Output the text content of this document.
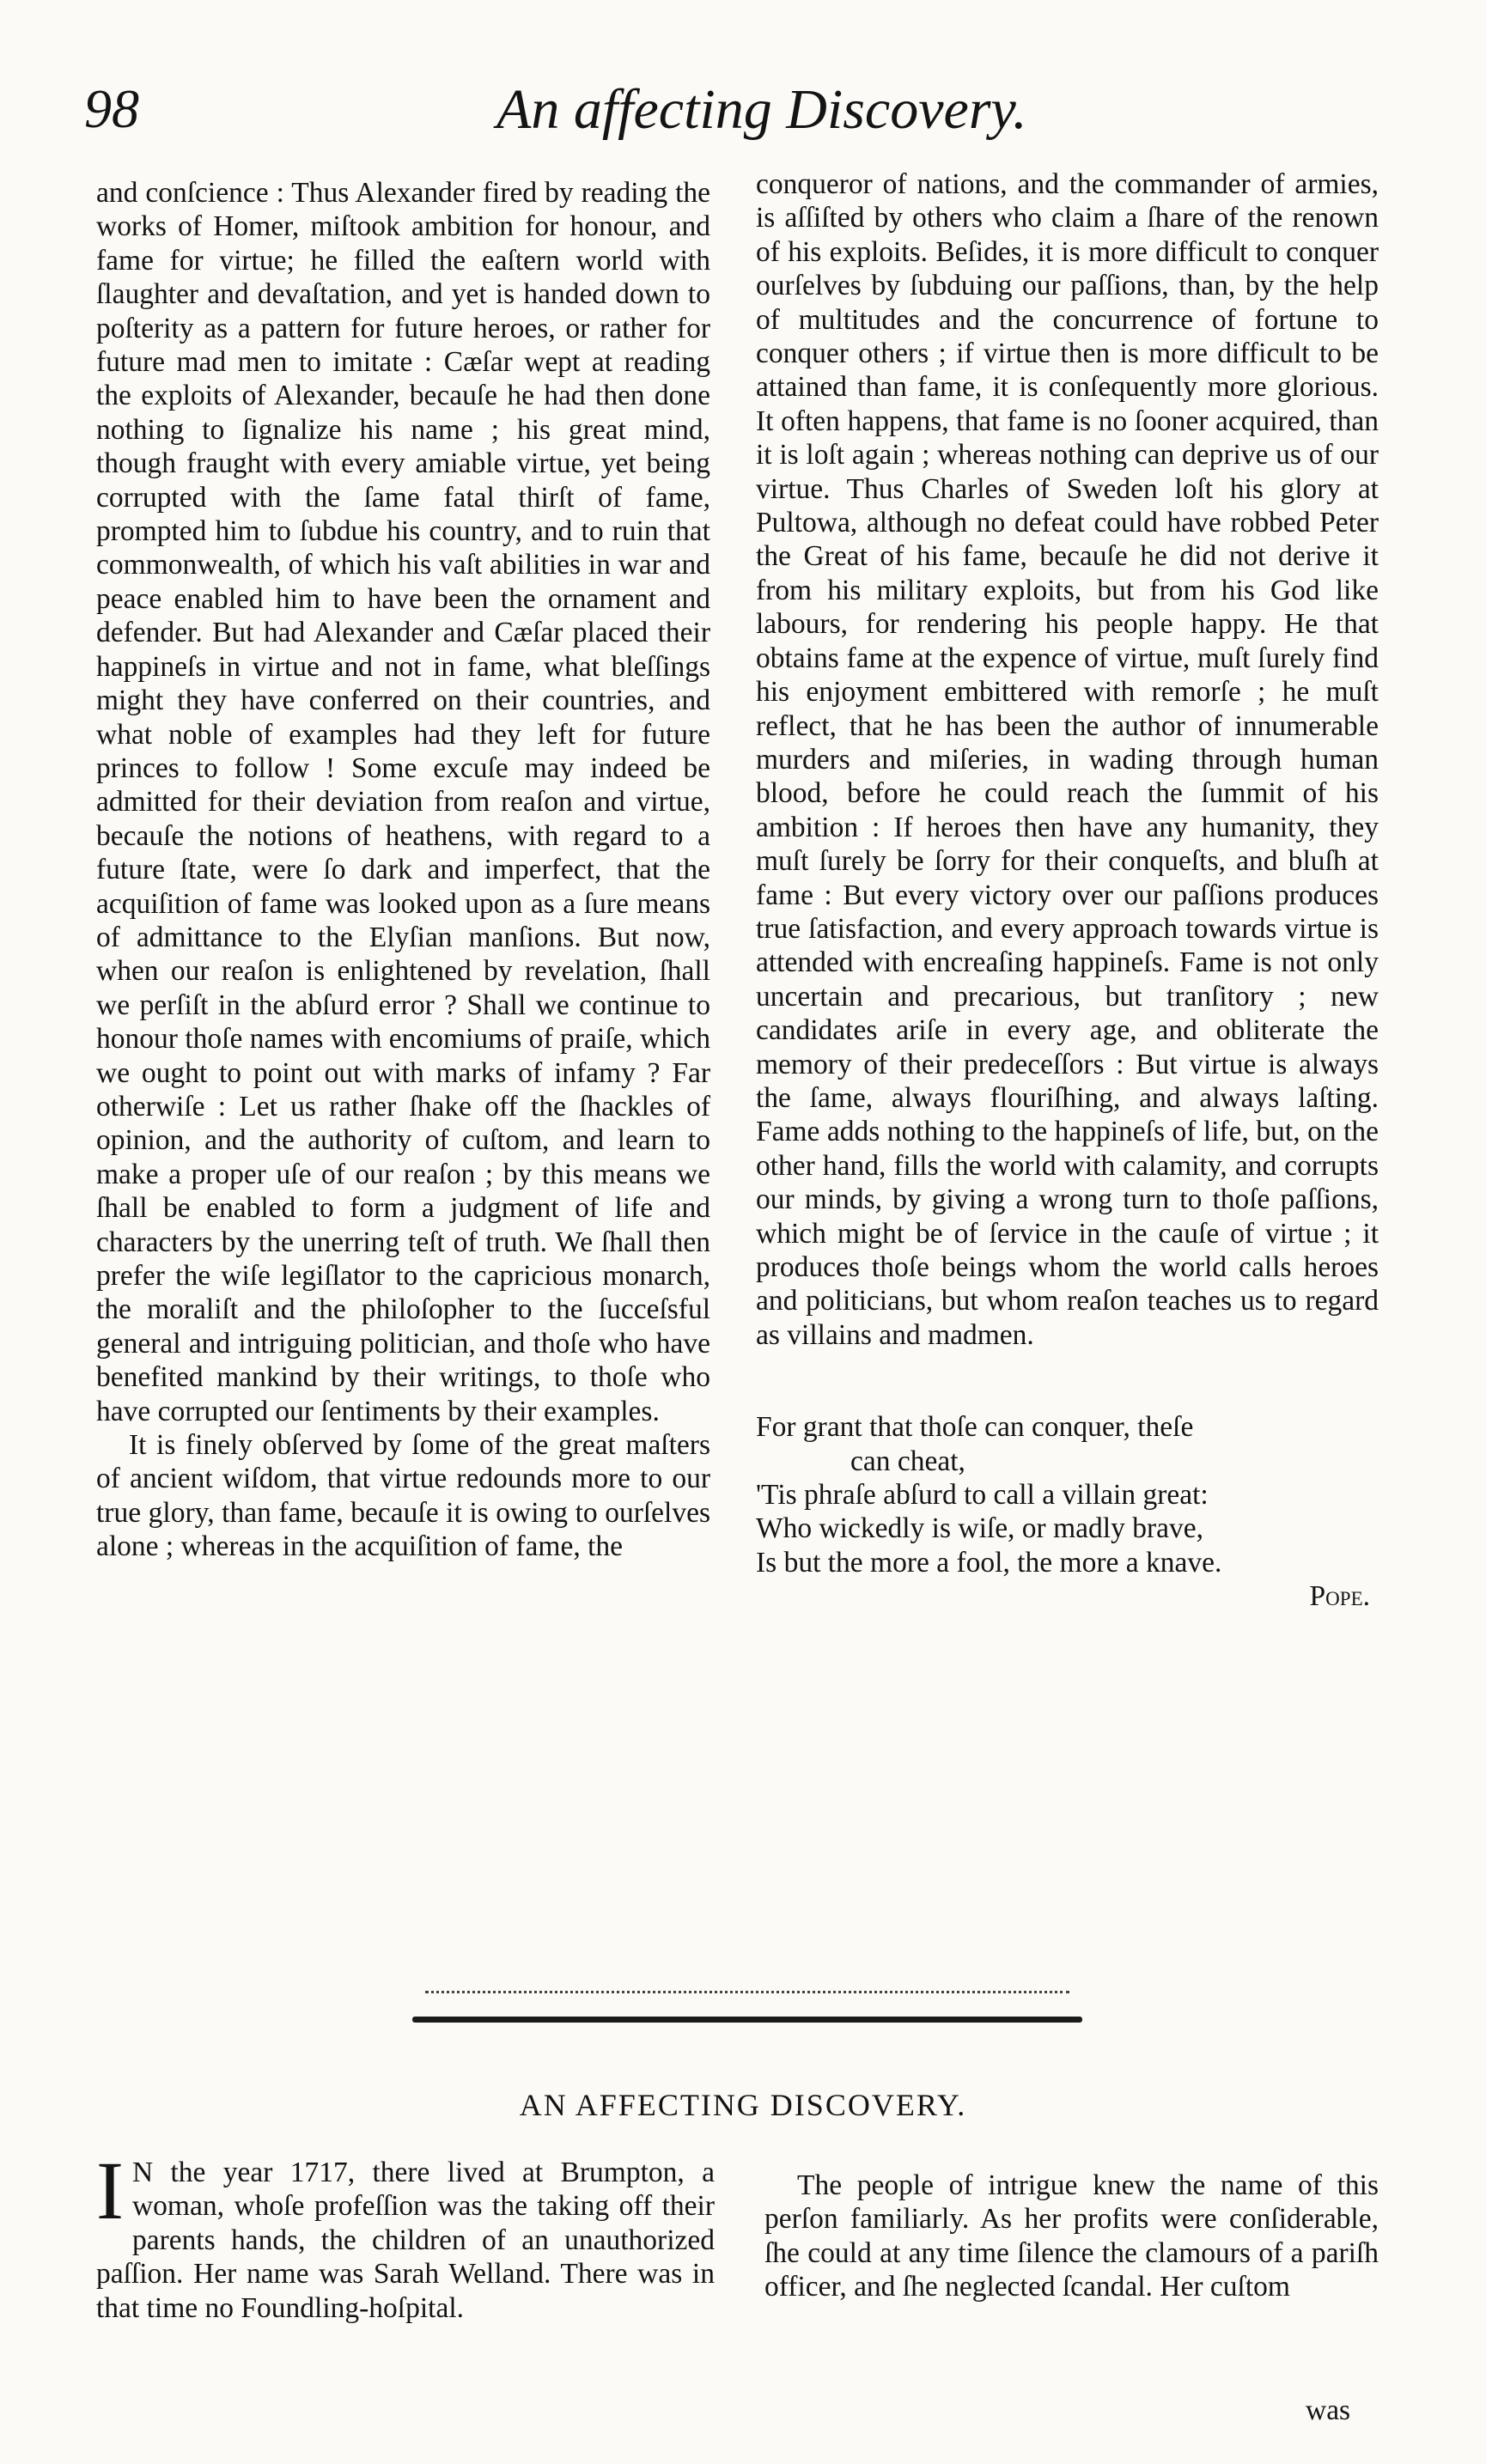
98	An affecting Discovery.

and conſcience : Thus Alexander fired by reading the works of Homer, miſtook ambition for honour, and fame for virtue; he filled the eaſtern world with ſlaughter and devaſtation, and yet is handed down to poſterity as a pattern for future heroes, or rather for future mad men to imitate : Cæſar wept at reading the exploits of Alexander, becauſe he had then done nothing to ſignalize his name ; his great mind, though fraught with every amiable virtue, yet being corrupted with the ſame fatal thirſt of fame, prompted him to ſubdue his country, and to ruin that commonwealth, of which his vaſt abilities in war and peace enabled him to have been the ornament and defender. But had Alexander and Cæſar placed their happineſs in virtue and not in fame, what bleſſings might they have conferred on their countries, and what noble of examples had they left for future princes to follow ! Some excuſe may indeed be admitted for their deviation from reaſon and virtue, becauſe the notions of heathens, with regard to a future ſtate, were ſo dark and imperfect, that the acquiſition of fame was looked upon as a ſure means of admittance to the Elyſian manſions. But now, when our reaſon is enlightened by revelation, ſhall we perſiſt in the abſurd error ? Shall we continue to honour thoſe names with encomiums of praiſe, which we ought to point out with marks of infamy ? Far otherwiſe : Let us rather ſhake off the ſhackles of opinion, and the authority of cuſtom, and learn to make a proper uſe of our reaſon ; by this means we ſhall be enabled to form a judgment of life and characters by the unerring teſt of truth. We ſhall then prefer the wiſe legiſlator to the capricious monarch, the moraliſt and the philoſopher to the ſucceſsful general and intriguing politician, and thoſe who have benefited mankind by their writings, to thoſe who have corrupted our ſentiments by their examples.

It is finely obſerved by ſome of the great maſters of ancient wiſdom, that virtue redounds more to our true glory, than fame, becauſe it is owing to ourſelves alone ; whereas in the acquiſition of fame, the

conqueror of nations, and the commander of armies, is aſſiſted by others who claim a ſhare of the renown of his exploits. Beſides, it is more difficult to conquer ourſelves by ſubduing our paſſions, than, by the help of multitudes and the concurrence of fortune to conquer others ; if virtue then is more difficult to be attained than fame, it is conſequently more glorious. It often happens, that fame is no ſooner acquired, than it is loſt again ; whereas nothing can deprive us of our virtue. Thus Charles of Sweden loſt his glory at Pultowa, although no defeat could have robbed Peter the Great of his fame, becauſe he did not derive it from his military exploits, but from his God like labours, for rendering his people happy. He that obtains fame at the expence of virtue, muſt ſurely find his enjoyment embittered with remorſe ; he muſt reflect, that he has been the author of innumerable murders and miſeries, in wading through human blood, before he could reach the ſummit of his ambition : If heroes then have any humanity, they muſt ſurely be ſorry for their conqueſts, and bluſh at fame : But every victory over our paſſions produces true ſatisfaction, and every approach towards virtue is attended with encreaſing happineſs. Fame is not only uncertain and precarious, but tranſitory ; new candidates ariſe in every age, and obliterate the memory of their predeceſſors : But virtue is always the ſame, always flouriſhing, and always laſting. Fame adds nothing to the happineſs of life, but, on the other hand, fills the world with calamity, and corrupts our minds, by giving a wrong turn to thoſe paſſions, which might be of ſervice in the cauſe of virtue ; it produces thoſe beings whom the world calls heroes and politicians, but whom reaſon teaches us to regard as villains and madmen.

For grant that thoſe can conquer, theſe
can cheat,
'Tis phraſe abſurd to call a villain great:
Who wickedly is wiſe, or madly brave,
Is but the more a fool, the more a knave.
Pope.
AN AFFECTING DISCOVERY.

I N the year 1717, there lived at Brumpton, a woman, whoſe profeſſion was the taking off their parents hands, the children of an unauthorized paſſion. Her name was Sarah Welland. There was in that time no Foundling-hoſpital.

The people of intrigue knew the name of this perſon familiarly. As her profits were conſiderable, ſhe could at any time ſilence the clamours of a pariſh officer, and ſhe neglected ſcandal. Her cuſtom

was
